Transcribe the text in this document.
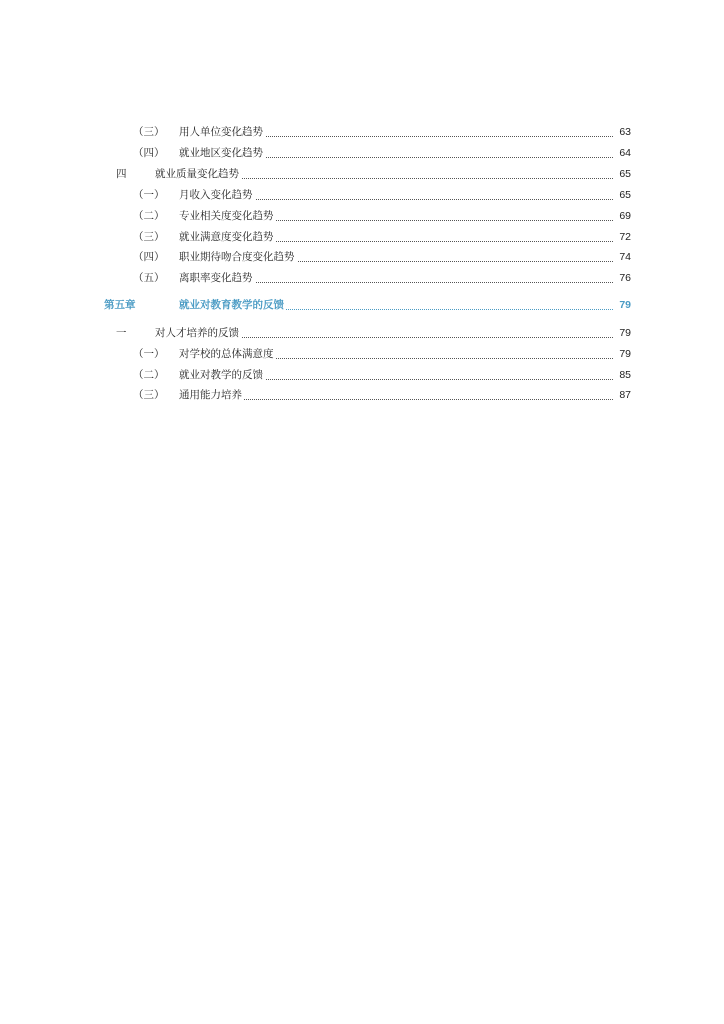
（三） 用人单位变化趋势	63
（四） 就业地区变化趋势	64
四	就业质量变化趋势	65
（一） 月收入变化趋势	65
（二） 专业相关度变化趋势	69
（三） 就业满意度变化趋势	72
（四） 职业期待吻合度变化趋势	74
（五） 离职率变化趋势	76
第五章	就业对教育教学的反馈	79
一	对人才培养的反馈	79
（一） 对学校的总体满意度	79
（二） 就业对教学的反馈	85
（三） 通用能力培养	87
